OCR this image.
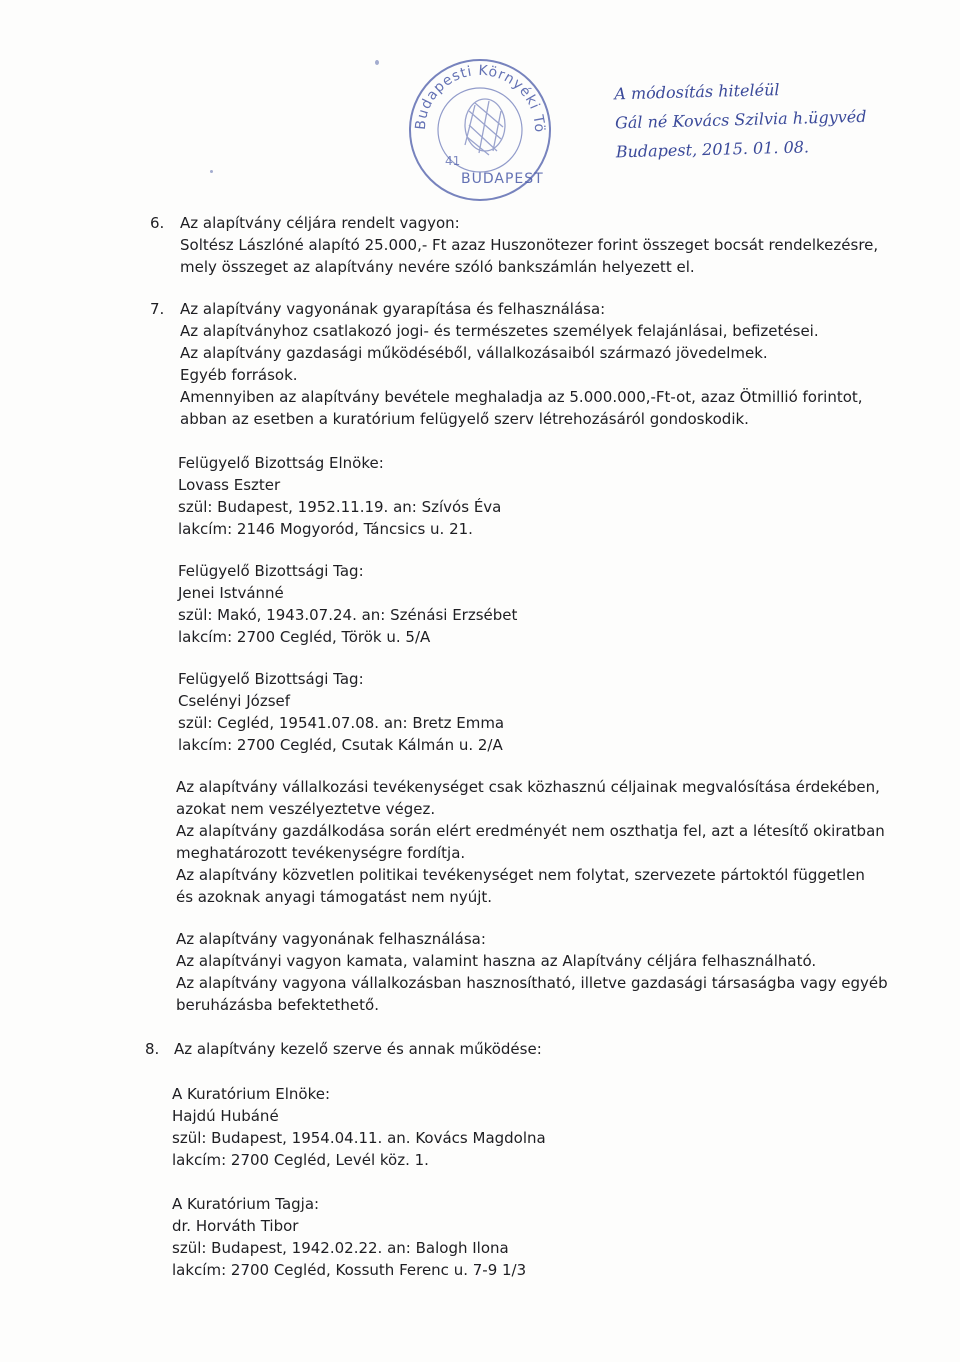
Budapesti Környéki Tö
BUDAPEST
41
A módosítás hiteléül
Gál né Kovács Szilvia h.ügyvéd
Budapest, 2015. 01. 08.
6. Az alapítvány céljára rendelt vagyon:
Soltész Lászlóné alapító 25.000,- Ft azaz Huszonötezer forint összeget bocsát rendelkezésre,
mely összeget az alapítvány nevére szóló bankszámlán helyezett el.
7. Az alapítvány vagyonának gyarapítása és felhasználása:
Az alapítványhoz csatlakozó jogi- és természetes személyek felajánlásai, befizetései.
Az alapítvány gazdasági működéséből, vállalkozásaiból származó jövedelmek.
Egyéb források.
Amennyiben az alapítvány bevétele meghaladja az 5.000.000,-Ft-ot, azaz Ötmillió forintot,
abban az esetben a kuratórium felügyelő szerv létrehozásáról gondoskodik.
Felügyelő Bizottság Elnöke:
Lovass Eszter
szül: Budapest, 1952.11.19. an: Szívós Éva
lakcím: 2146 Mogyoród, Táncsics u. 21.
Felügyelő Bizottsági Tag:
Jenei Istvánné
szül: Makó, 1943.07.24. an: Szénási Erzsébet
lakcím: 2700 Cegléd, Török u. 5/A
Felügyelő Bizottsági Tag:
Cselényi József
szül: Cegléd, 19541.07.08. an: Bretz Emma
lakcím: 2700 Cegléd, Csutak Kálmán u. 2/A
Az alapítvány vállalkozási tevékenységet csak közhasznú céljainak megvalósítása érdekében,
azokat nem veszélyeztetve végez.
Az alapítvány gazdálkodása során elért eredményét nem oszthatja fel, azt a létesítő okiratban
meghatározott tevékenységre fordítja.
Az alapítvány közvetlen politikai tevékenységet nem folytat, szervezete pártoktól független
és azoknak anyagi támogatást nem nyújt.
Az alapítvány vagyonának felhasználása:
Az alapítványi vagyon kamata, valamint haszna az Alapítvány céljára felhasználható.
Az alapítvány vagyona vállalkozásban hasznosítható, illetve gazdasági társaságba vagy egyéb
beruházásba befektethető.
8. Az alapítvány kezelő szerve és annak működése:
A Kuratórium Elnöke:
Hajdú Hubáné
szül: Budapest, 1954.04.11. an. Kovács Magdolna
lakcím: 2700 Cegléd, Levél köz. 1.
A Kuratórium Tagja:
dr. Horváth Tibor
szül: Budapest, 1942.02.22. an: Balogh Ilona
lakcím: 2700 Cegléd, Kossuth Ferenc u. 7-9 1/3
